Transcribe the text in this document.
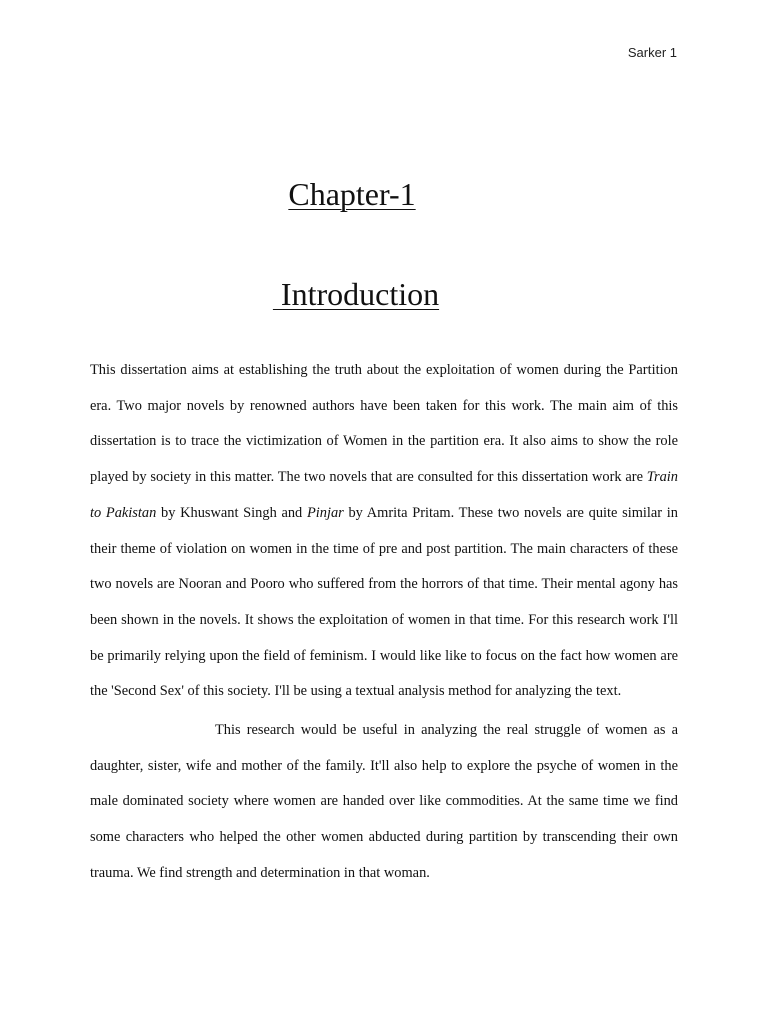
Sarker 1
Chapter-1
Introduction

This dissertation aims at establishing the truth about the exploitation of women during the Partition era. Two major novels by renowned authors have been taken for this work. The main aim of this dissertation is to trace the victimization of Women in the partition era. It also aims to show the role played by society in this matter. The two novels that are consulted for this dissertation work are Train to Pakistan by Khuswant Singh and Pinjar by Amrita Pritam. These two novels are quite similar in their theme of violation on women in the time of pre and post partition. The main characters of these two novels are Nooran and Pooro who suffered from the horrors of that time. Their mental agony has been shown in the novels. It shows the exploitation of women in that time. For this research work I'll be primarily relying upon the field of feminism. I would like like to focus on the fact how women are the 'Second Sex' of this society. I'll be using a textual analysis method for analyzing the text.

This research would be useful in analyzing the real struggle of women as a daughter, sister, wife and mother of the family. It'll also help to explore the psyche of women in the male dominated society where women are handed over like commodities. At the same time we find some characters who helped the other women abducted during partition by transcending their own trauma. We find strength and determination in that woman.
